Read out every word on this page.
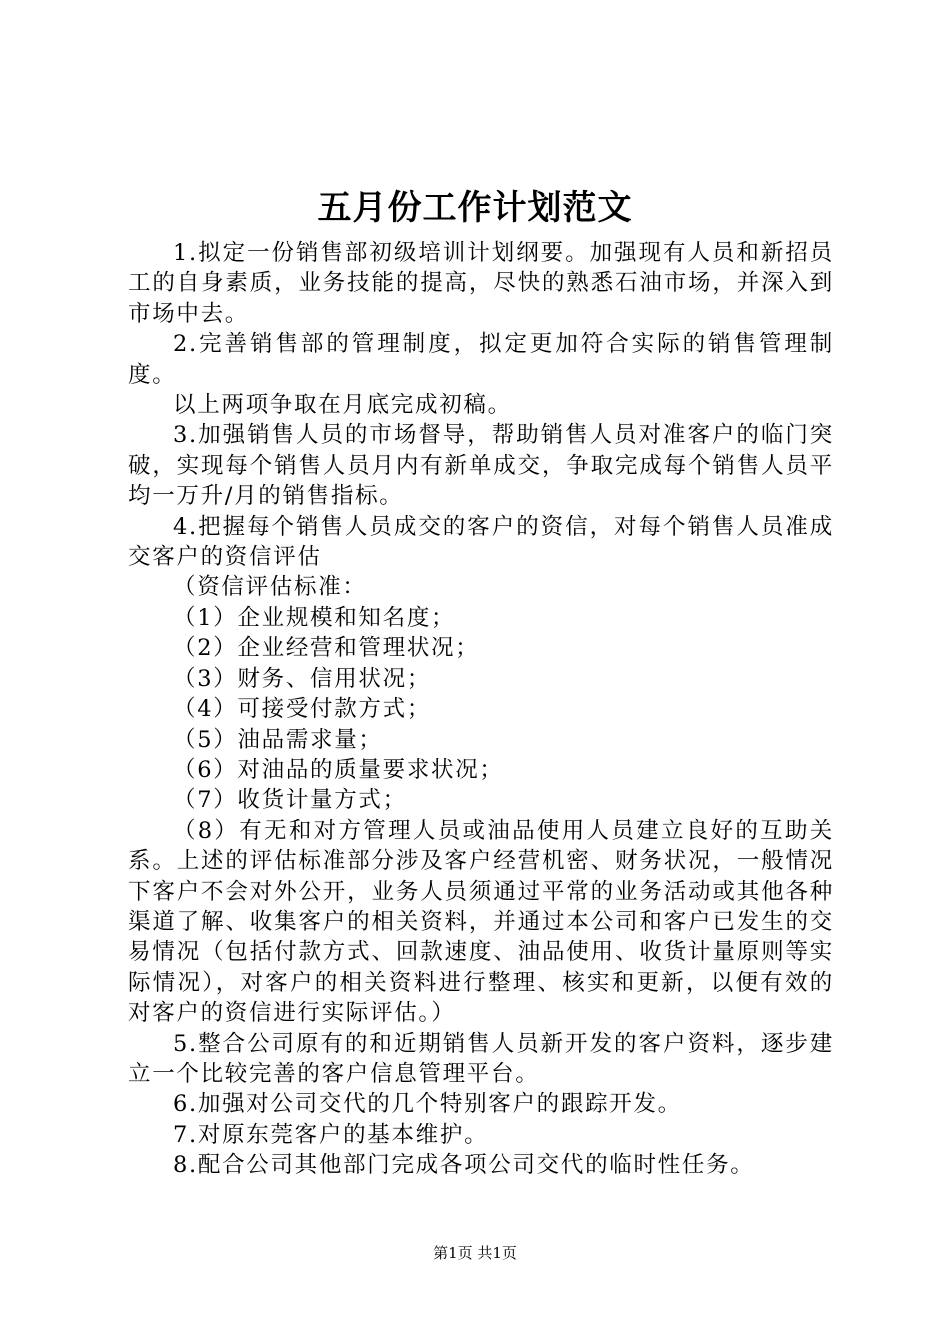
五月份工作计划范文

1.拟定一份销售部初级培训计划纲要。加强现有人员和新招员工的自身素质，业务技能的提高，尽快的熟悉石油市场，并深入到市场中去。

2.完善销售部的管理制度，拟定更加符合实际的销售管理制度。

以上两项争取在月底完成初稿。

3.加强销售人员的市场督导，帮助销售人员对准客户的临门突破，实现每个销售人员月内有新单成交，争取完成每个销售人员平均一万升/月的销售指标。

4.把握每个销售人员成交的客户的资信，对每个销售人员准成交客户的资信评估

（资信评估标准：

（1）企业规模和知名度；

（2）企业经营和管理状况；

（3）财务、信用状况；

（4）可接受付款方式；

（5）油品需求量；

（6）对油品的质量要求状况；

（7）收货计量方式；

（8）有无和对方管理人员或油品使用人员建立良好的互助关系。上述的评估标准部分涉及客户经营机密、财务状况，一般情况下客户不会对外公开，业务人员须通过平常的业务活动或其他各种渠道了解、收集客户的相关资料，并通过本公司和客户已发生的交易情况（包括付款方式、回款速度、油品使用、收货计量原则等实际情况），对客户的相关资料进行整理、核实和更新，以便有效的对客户的资信进行实际评估。）

5.整合公司原有的和近期销售人员新开发的客户资料，逐步建立一个比较完善的客户信息管理平台。

6.加强对公司交代的几个特别客户的跟踪开发。

7.对原东莞客户的基本维护。

8.配合公司其他部门完成各项公司交代的临时性任务。

第1页 共1页
